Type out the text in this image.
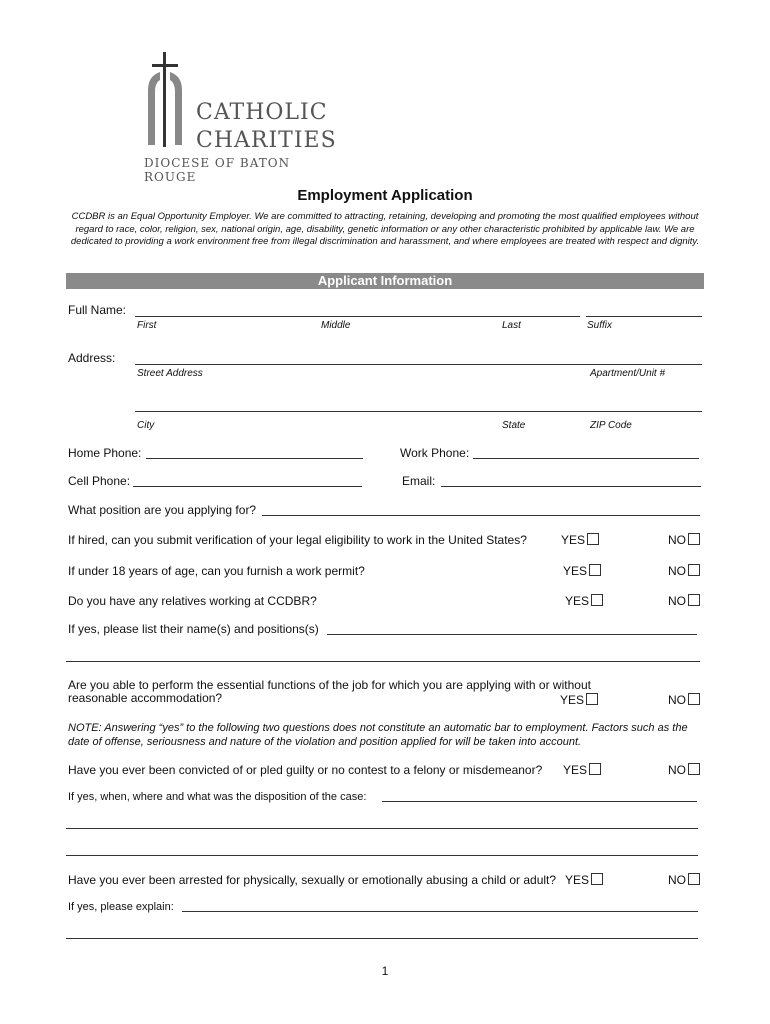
CATHOLIC
CHARITIES
DIOCESE OF BATON ROUGE
Employment Application
CCDBR is an Equal Opportunity Employer. We are committed to attracting, retaining, developing and promoting the most qualified employees without regard to race, color, religion, sex, national origin, age, disability, genetic information or any other characteristic prohibited by applicable law. We are dedicated to providing a work environment free from illegal discrimination and harassment, and where employees are treated with respect and dignity.
Applicant Information
Full Name:
First	Middle	Last	Suffix
Address:
Street Address	Apartment/Unit #
City	State	ZIP Code
Home Phone:	Work Phone:
Cell Phone:	Email:
What position are you applying for?
If hired, can you submit verification of your legal eligibility to work in the United States?	YES	NO
If under 18 years of age, can you furnish a work permit?	YES	NO
Do you have any relatives working at CCDBR?	YES	NO
If yes, please list their name(s) and positions(s)
Are you able to perform the essential functions of the job for which you are applying with or without reasonable accommodation?	YES	NO
NOTE: Answering “yes” to the following two questions does not constitute an automatic bar to employment. Factors such as the date of offense, seriousness and nature of the violation and position applied for will be taken into account.
Have you ever been convicted of or pled guilty or no contest to a felony or misdemeanor? YES	NO
If yes, when, where and what was the disposition of the case:
Have you ever been arrested for physically, sexually or emotionally abusing a child or adult? YES	NO
If yes, please explain:
1
